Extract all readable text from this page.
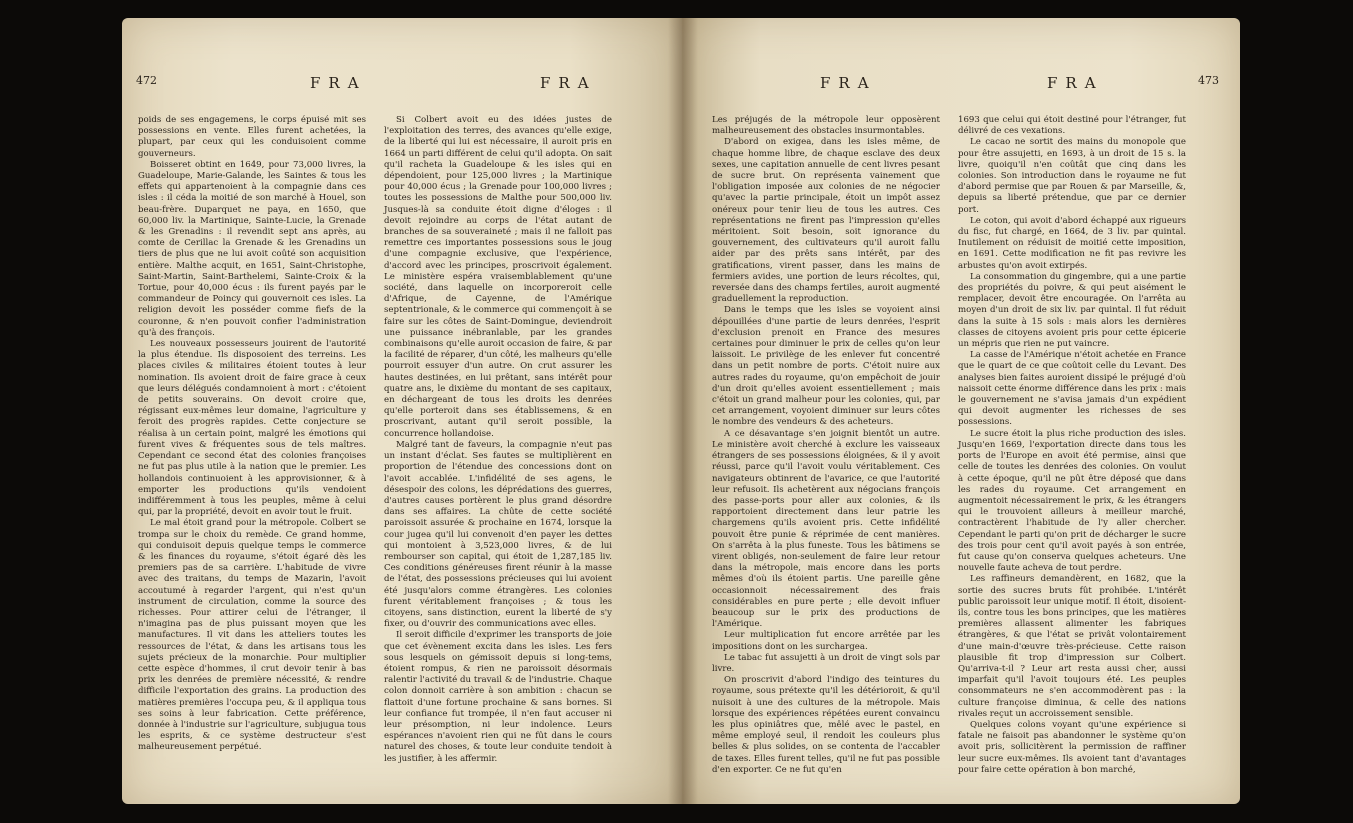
472	FRA	FRA

poids de ses engagemens, le corps épuisé mit ses possessions en vente. Elles furent achetées, la plupart, par ceux qui les conduisoient comme gouverneurs.

Boisseret obtint en 1649, pour 73,000 livres, la Guadeloupe, Marie-Galande, les Saintes & tous les effets qui appartenoient à la compagnie dans ces isles : il céda la moitié de son marché à Houel, son beau-frère. Duparquet ne paya, en 1650, que 60,000 liv. la Martinique, Sainte-Lucie, la Grenade & les Grenadins : il revendit sept ans après, au comte de Cerillac la Grenade & les Grenadins un tiers de plus que ne lui avoit coûté son acquisition entière. Malthe acquit, en 1651, Saint-Christophe, Saint-Martin, Saint-Barthelemi, Sainte-Croix & la Tortue, pour 40,000 écus : ils furent payés par le commandeur de Poincy qui gouvernoit ces isles. La religion devoit les posséder comme fiefs de la couronne, & n'en pouvoit confier l'administration qu'à des françois.

Les nouveaux possesseurs jouirent de l'autorité la plus étendue. Ils disposoient des terreins. Les places civiles & militaires étoient toutes à leur nomination. Ils avoient droit de faire grace à ceux que leurs délégués condamnoient à mort : c'étoient de petits souverains. On devoit croire que, régissant eux-mêmes leur domaine, l'agriculture y feroit des progrès rapides. Cette conjecture se réalisa à un certain point, malgré les émotions qui furent vives & fréquentes sous de tels maîtres. Cependant ce second état des colonies françoises ne fut pas plus utile à la nation que le premier. Les hollandois continuoient à les approvisionner, & à emporter les productions qu'ils vendoient indifféremment à tous les peuples, même à celui qui, par la propriété, devoit en avoir tout le fruit.

Le mal étoit grand pour la métropole. Colbert se trompa sur le choix du remède. Ce grand homme, qui conduisoit depuis quelque temps le commerce & les finances du royaume, s'étoit égaré dès les premiers pas de sa carrière. L'habitude de vivre avec des traitans, du temps de Mazarin, l'avoit accoutumé à regarder l'argent, qui n'est qu'un instrument de circulation, comme la source des richesses. Pour attirer celui de l'étranger, il n'imagina pas de plus puissant moyen que les manufactures. Il vit dans les atteliers toutes les ressources de l'état, & dans les artisans tous les sujets précieux de la monarchie. Pour multiplier cette espèce d'hommes, il crut devoir tenir à bas prix les denrées de première nécessité, & rendre difficile l'exportation des grains. La production des matières premières l'occupa peu, & il appliqua tous ses soins à leur fabrication. Cette préférence, donnée à l'industrie sur l'agriculture, subjugua tous les esprits, & ce système destructeur s'est malheureusement perpétué.

Si Colbert avoit eu des idées justes de l'exploitation des terres, des avances qu'elle exige, de la liberté qui lui est nécessaire, il auroit pris en 1664 un parti différent de celui qu'il adopta. On sait qu'il racheta la Guadeloupe & les isles qui en dépendoient, pour 125,000 livres ; la Martinique pour 40,000 écus ; la Grenade pour 100,000 livres ; toutes les possessions de Malthe pour 500,000 liv. Jusques-là sa conduite étoit digne d'éloges : il devoit rejoindre au corps de l'état autant de branches de sa souveraineté ; mais il ne falloit pas remettre ces importantes possessions sous le joug d'une compagnie exclusive, que l'expérience, d'accord avec les principes, proscrivoit également. Le ministère espéra vraisemblablement qu'une société, dans laquelle on incorporeroit celle d'Afrique, de Cayenne, de l'Amérique septentrionale, & le commerce qui commençoit à se faire sur les côtes de Saint-Domingue, deviendroit une puissance inébranlable, par les grandes combinaisons qu'elle auroit occasion de faire, & par la facilité de réparer, d'un côté, les malheurs qu'elle pourroit essuyer d'un autre. On crut assurer les hautes destinées, en lui prêtant, sans intérêt pour quatre ans, le dixième du montant de ses capitaux, en déchargeant de tous les droits les denrées qu'elle porteroit dans ses établissemens, & en proscrivant, autant qu'il seroit possible, la concurrence hollandoise.

Malgré tant de faveurs, la compagnie n'eut pas un instant d'éclat. Ses fautes se multiplièrent en proportion de l'étendue des concessions dont on l'avoit accablée. L'infidélité de ses agens, le désespoir des colons, les déprédations des guerres, d'autres causes portèrent le plus grand désordre dans ses affaires. La chûte de cette société paroissoit assurée & prochaine en 1674, lorsque la cour jugea qu'il lui convenoit d'en payer les dettes qui montoient à 3,523,000 livres, & de lui rembourser son capital, qui étoit de 1,287,185 liv. Ces conditions généreuses firent réunir à la masse de l'état, des possessions précieuses qui lui avoient été jusqu'alors comme étrangères. Les colonies furent véritablement françoises ; & tous les citoyens, sans distinction, eurent la liberté de s'y fixer, ou d'ouvrir des communications avec elles.

Il seroit difficile d'exprimer les transports de joie que cet évènement excita dans les isles. Les fers sous lesquels on gémissoit depuis si long-tems, étoient rompus, & rien ne paroissoit désormais ralentir l'activité du travail & de l'industrie. Chaque colon donnoit carrière à son ambition : chacun se flattoit d'une fortune prochaine & sans bornes. Si leur confiance fut trompée, il n'en faut accuser ni leur présomption, ni leur indolence. Leurs espérances n'avoient rien qui ne fût dans le cours naturel des choses, & toute leur conduite tendoit à les justifier, à les affermir.

FRA	FRA	473

Les préjugés de la métropole leur opposèrent malheureusement des obstacles insurmontables.

D'abord on exigea, dans les isles même, de chaque homme libre, de chaque esclave des deux sexes, une capitation annuelle de cent livres pesant de sucre brut. On représenta vainement que l'obligation imposée aux colonies de ne négocier qu'avec la partie principale, étoit un impôt assez onéreux pour tenir lieu de tous les autres. Ces représentations ne firent pas l'impression qu'elles méritoient. Soit besoin, soit ignorance du gouvernement, des cultivateurs qu'il auroit fallu aider par des prêts sans intérêt, par des gratifications, virent passer, dans les mains de fermiers avides, une portion de leurs récoltes, qui, reversée dans des champs fertiles, auroit augmenté graduellement la reproduction.

Dans le temps que les isles se voyoient ainsi dépouillées d'une partie de leurs denrées, l'esprit d'exclusion prenoit en France des mesures certaines pour diminuer le prix de celles qu'on leur laissoit. Le privilège de les enlever fut concentré dans un petit nombre de ports. C'étoit nuire aux autres rades du royaume, qu'on empêchoit de jouir d'un droit qu'elles avoient essentiellement ; mais c'étoit un grand malheur pour les colonies, qui, par cet arrangement, voyoient diminuer sur leurs côtes le nombre des vendeurs & des acheteurs.

A ce désavantage s'en joignit bientôt un autre. Le ministère avoit cherché à exclure les vaisseaux étrangers de ses possessions éloignées, & il y avoit réussi, parce qu'il l'avoit voulu véritablement. Ces navigateurs obtinrent de l'avarice, ce que l'autorité leur refusoit. Ils achetèrent aux négocians françois des passe-ports pour aller aux colonies, & ils rapportoient directement dans leur patrie les chargemens qu'ils avoient pris. Cette infidélité pouvoit être punie & réprimée de cent manières. On s'arrêta à la plus funeste. Tous les bâtimens se virent obligés, non-seulement de faire leur retour dans la métropole, mais encore dans les ports mêmes d'où ils étoient partis. Une pareille gêne occasionnoit nécessairement des frais considérables en pure perte ; elle devoit influer beaucoup sur le prix des productions de l'Amérique.

Leur multiplication fut encore arrêtée par les impositions dont on les surchargea.

Le tabac fut assujetti à un droit de vingt sols par livre.

On proscrivit d'abord l'indigo des teintures du royaume, sous prétexte qu'il les détérioroit, & qu'il nuisoit à une des cultures de la métropole. Mais lorsque des expériences répétées eurent convaincu les plus opiniâtres que, mêlé avec le pastel, en même employé seul, il rendoit les couleurs plus belles & plus solides, on se contenta de l'accabler de taxes. Elles furent telles, qu'il ne fut pas possible d'en exporter. Ce ne fut qu'en

1693 que celui qui étoit destiné pour l'étranger, fut délivré de ces vexations.

Le cacao ne sortit des mains du monopole que pour être assujetti, en 1693, à un droit de 15 s. la livre, quoiqu'il n'en coûtât que cinq dans les colonies. Son introduction dans le royaume ne fut d'abord permise que par Rouen & par Marseille, &, depuis sa liberté prétendue, que par ce dernier port.

Le coton, qui avoit d'abord échappé aux rigueurs du fisc, fut chargé, en 1664, de 3 liv. par quintal. Inutilement on réduisit de moitié cette imposition, en 1691. Cette modification ne fit pas revivre les arbustes qu'on avoit extirpés.

La consommation du gingembre, qui a une partie des propriétés du poivre, & qui peut aisément le remplacer, devoit être encouragée. On l'arrêta au moyen d'un droit de six liv. par quintal. Il fut réduit dans la suite à 15 sols : mais alors les dernières classes de citoyens avoient pris pour cette épicerie un mépris que rien ne put vaincre.

La casse de l'Amérique n'étoit achetée en France que le quart de ce que coûtoit celle du Levant. Des analyses bien faites auroient dissipé le préjugé d'où naissoit cette énorme différence dans les prix : mais le gouvernement ne s'avisa jamais d'un expédient qui devoit augmenter les richesses de ses possessions.

Le sucre étoit la plus riche production des isles. Jusqu'en 1669, l'exportation directe dans tous les ports de l'Europe en avoit été permise, ainsi que celle de toutes les denrées des colonies. On voulut à cette époque, qu'il ne pût être déposé que dans les rades du royaume. Cet arrangement en augmentoit nécessairement le prix, & les étrangers qui le trouvoient ailleurs à meilleur marché, contractèrent l'habitude de l'y aller chercher. Cependant le parti qu'on prit de décharger le sucre des trois pour cent qu'il avoit payés à son entrée, fut cause qu'on conserva quelques acheteurs. Une nouvelle faute acheva de tout perdre.

Les raffineurs demandèrent, en 1682, que la sortie des sucres bruts fût prohibée. L'intérêt public paroissoit leur unique motif. Il étoit, disoient-ils, contre tous les bons principes, que les matières premières allassent alimenter les fabriques étrangères, & que l'état se privât volontairement d'une main-d'œuvre très-précieuse. Cette raison plausible fit trop d'impression sur Colbert. Qu'arriva-t-il ? Leur art resta aussi cher, aussi imparfait qu'il l'avoit toujours été. Les peuples consommateurs ne s'en accommodèrent pas : la culture françoise diminua, & celle des nations rivales reçut un accroissement sensible.

Quelques colons voyant qu'une expérience si fatale ne faisoit pas abandonner le système qu'on avoit pris, sollicitèrent la permission de raffiner leur sucre eux-mêmes. Ils avoient tant d'avantages pour faire cette opération à bon marché,
